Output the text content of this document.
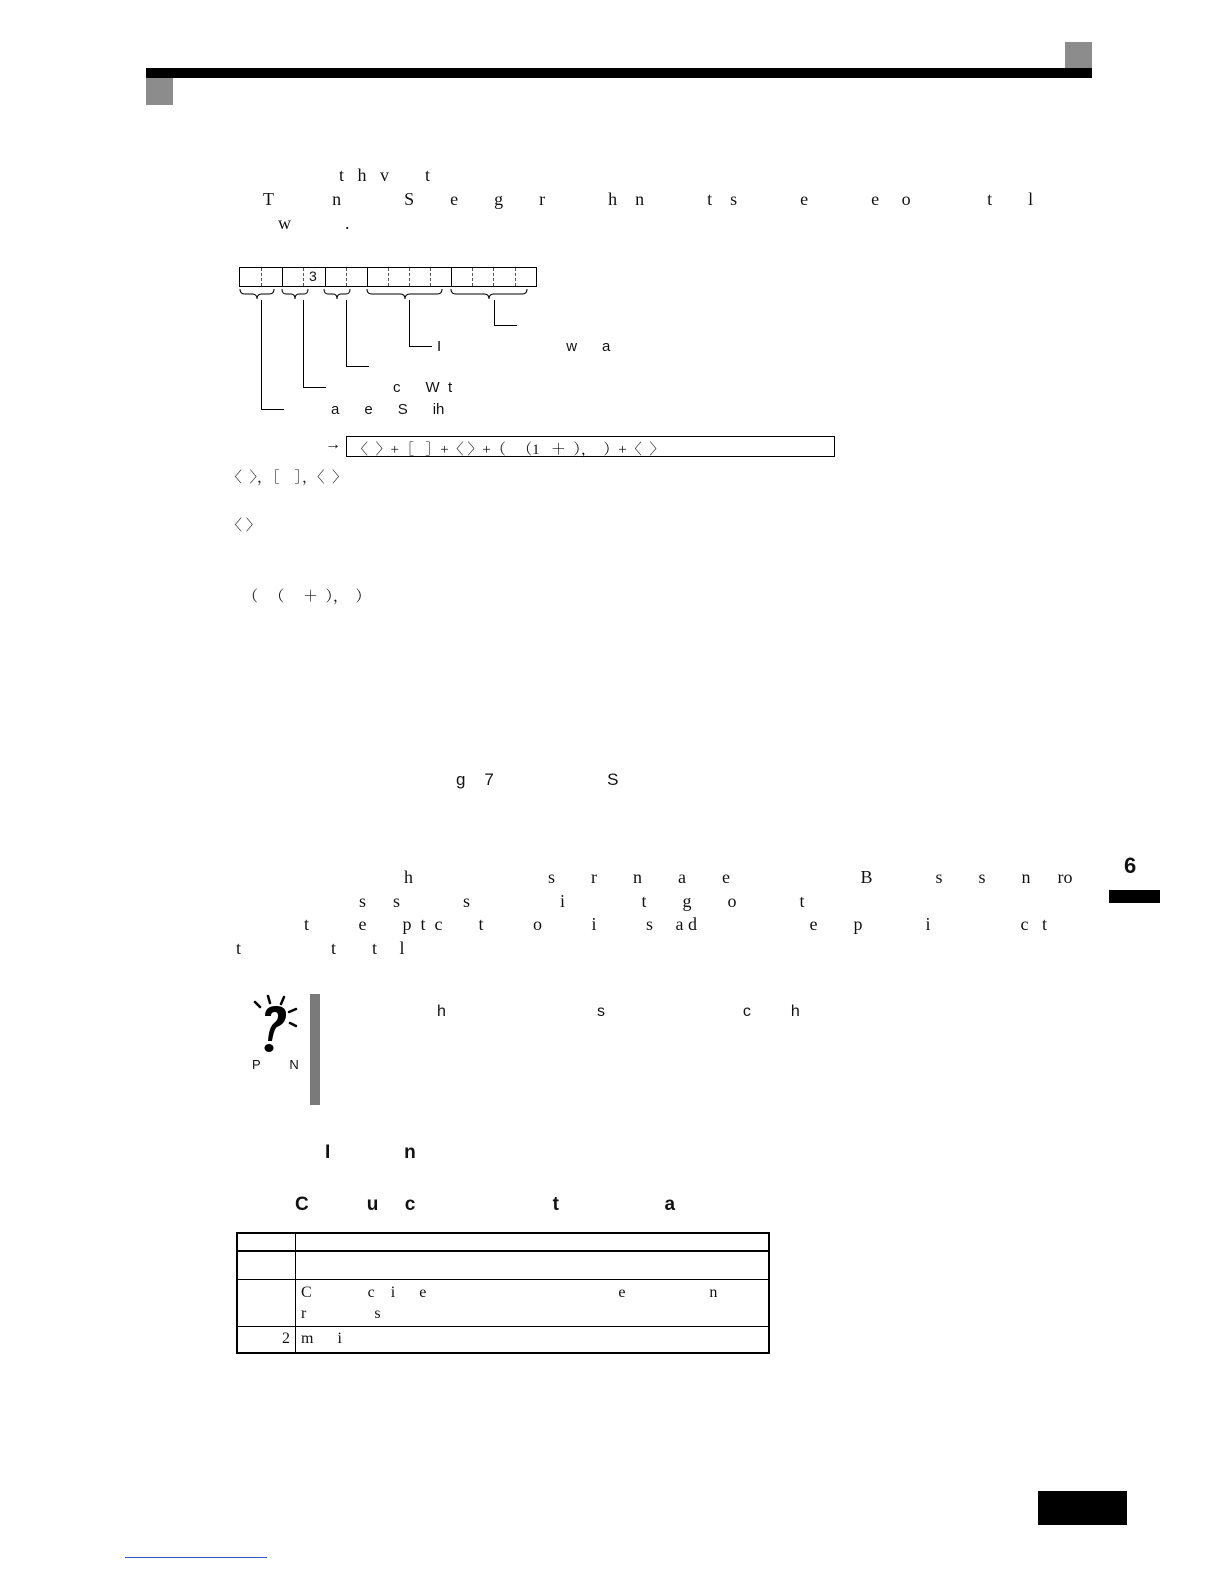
6
t   h   v        t
T             n              S        e        g        r              h    n              t    s              e              e     o                 t        l
w            .
3
I                              w      a
c      W  t
a      e      S      ih
→ 〈  〉+［   ］+〈 〉+（   （1   ＋  ），  ）+〈  〉
〈  〉，［    ］，〈  〉
〈 〉
（   （     ＋  ），  ）
g    7                        S
h                              s        r        n        a        e                             B              s        s        n      ro
s      s              s                    i                 t        g        o              t
t           e        p  t  c        t           o           i           s     a d                         e        p              i                    c   t
t                    t        t     l
P        N
h                                  s                               c         h
I              n
C           u     c                          t                    a

	C              c    i      e                                                e                     n
r                 s

2	m      i
